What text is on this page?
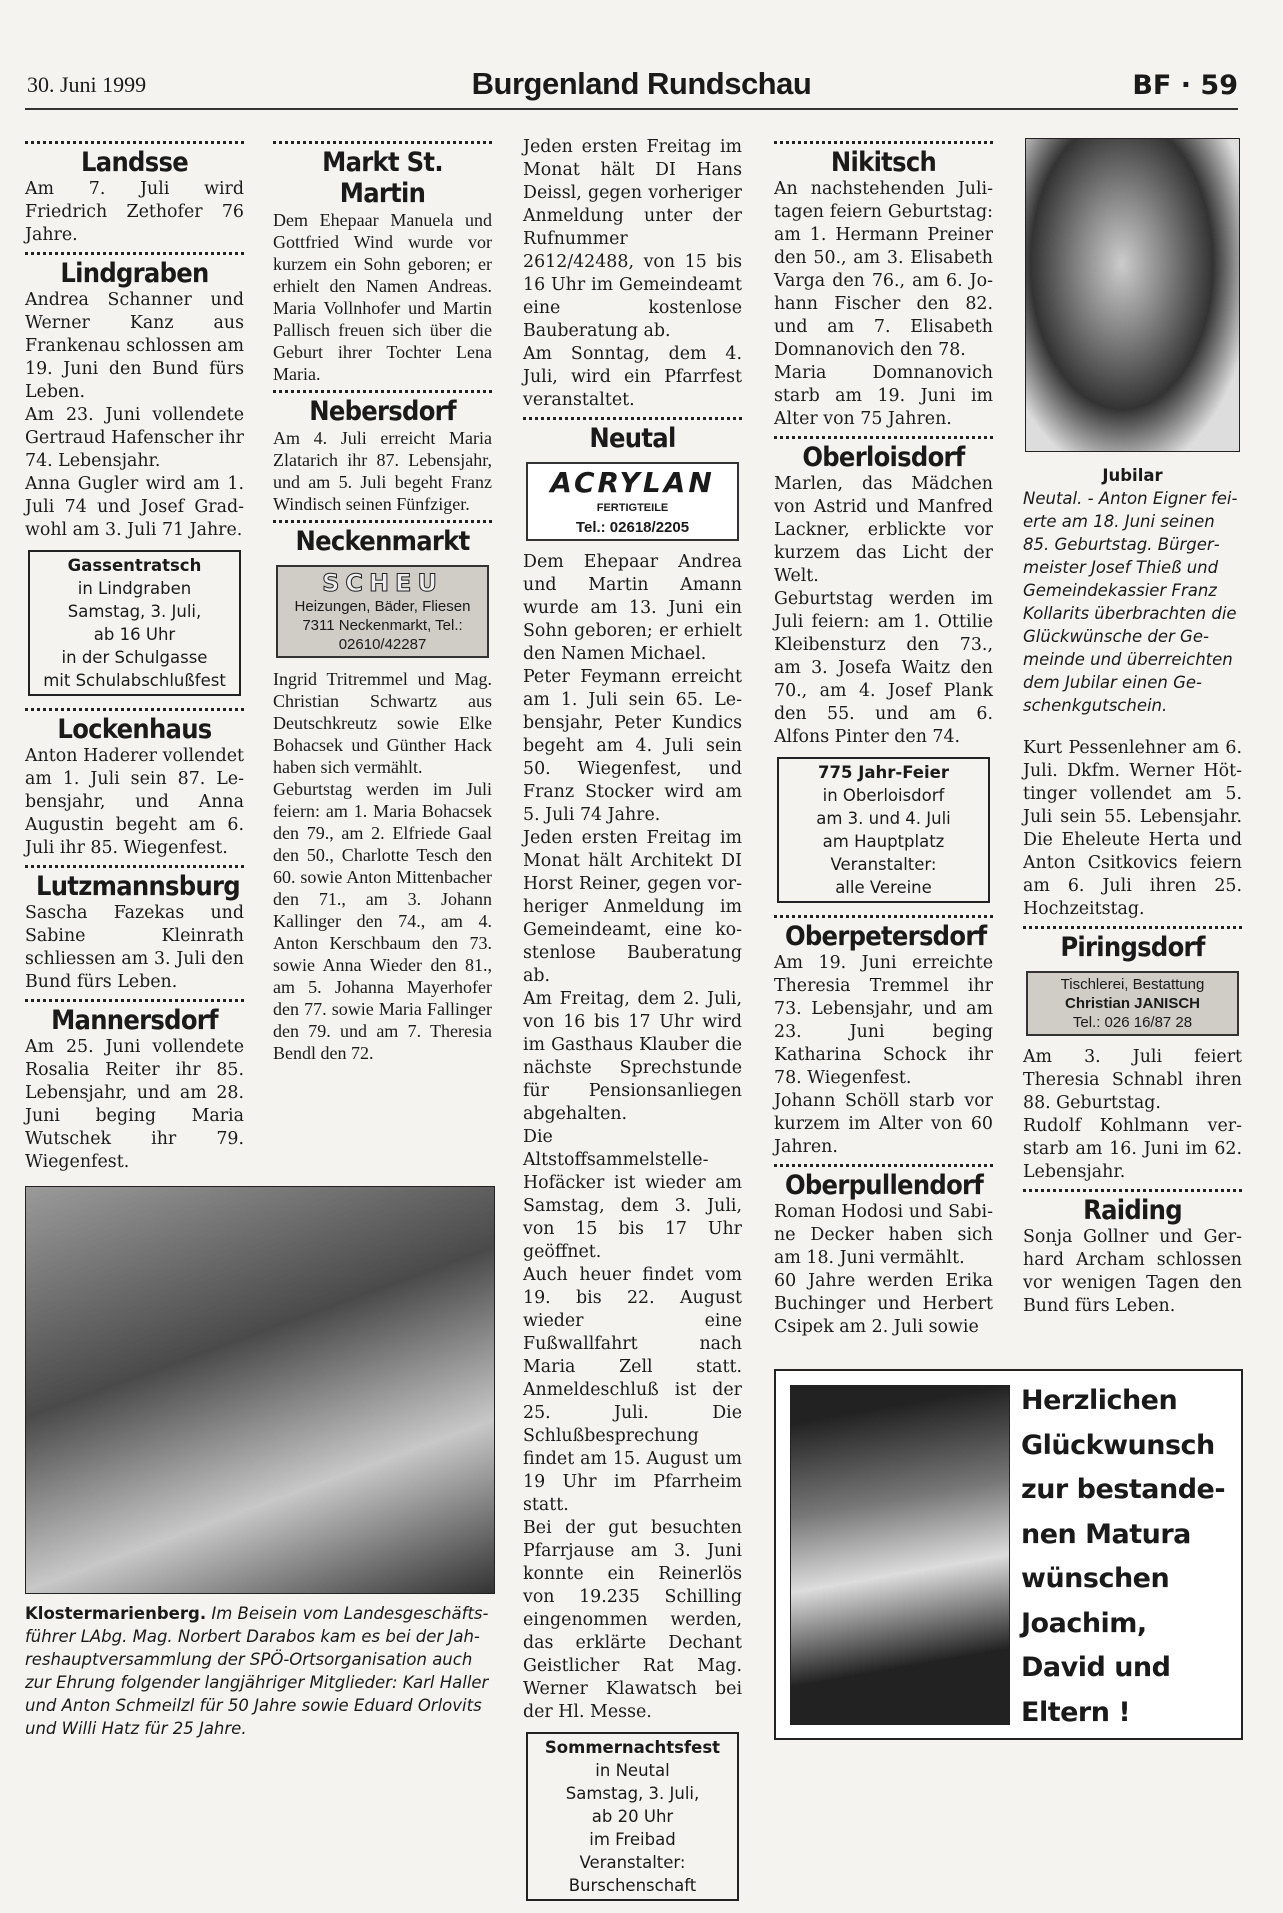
30. Juni 1999	Burgenland Rundschau	BF · 59
Landsse

Am 7. Juli wird Friedrich Zethofer 76 Jahre.

Lindgraben

Andrea Schanner und Werner Kanz aus Frankenau schlossen am 19. Juni den Bund fürs Leben.

Am 23. Juni vollendete Gertraud Hafenscher ihr 74. Lebensjahr.

Anna Gugler wird am 1. Juli 74 und Josef Gradwohl am 3. Juli 71 Jahre.

Gassentratsch
in Lindgraben
Samstag, 3. Juli,
ab 16 Uhr
in der Schulgasse
mit Schulabschlußfest
Lockenhaus

Anton Haderer vollendet am 1. Juli sein 87. Lebensjahr, und Anna Augustin begeht am 6. Juli ihr 85. Wiegenfest.

Lutzmannsburg

Sascha Fazekas und Sabine Kleinrath schliessen am 3. Juli den Bund fürs Leben.

Mannersdorf

Am 25. Juni vollendete Rosalia Reiter ihr 85. Lebensjahr, und am 28. Juni beging Maria Wutschek ihr 79. Wiegenfest.

Markt St. Martin

Dem Ehepaar Manuela und Gottfried Wind wurde vor kurzem ein Sohn geboren; er erhielt den Namen Andreas. Maria Vollnhofer und Martin Pallisch freuen sich über die Geburt ihrer Tochter Lena Maria.

Nebersdorf

Am 4. Juli erreicht Maria Zlatarich ihr 87. Lebensjahr, und am 5. Juli begeht Franz Windisch seinen Fünfziger.

Neckenmarkt
SCHEU
Heizungen, Bäder, Fliesen
7311 Neckenmarkt, Tel.: 02610/42287

Ingrid Tritremmel und Mag. Christian Schwartz aus Deutschkreutz sowie Elke Bohacsek und Günther Hack haben sich vermählt.

Geburtstag werden im Juli feiern: am 1. Maria Bohacsek den 79., am 2. Elfriede Gaal den 50., Charlotte Tesch den 60. sowie Anton Mittenbacher den 71., am 3. Johann Kallinger den 74., am 4. Anton Kerschbaum den 73. sowie Anna Wieder den 81., am 5. Johanna Mayerhofer den 77. sowie Maria Fallinger den 79. und am 7. Theresia Bendl den 72.

Jeden ersten Freitag im Monat hält DI Hans Deissl, gegen vorheriger Anmeldung unter der Rufnummer 2612/42488, von 15 bis 16 Uhr im Gemeindeamt eine kostenlose Bauberatung ab.

Am Sonntag, dem 4. Juli, wird ein Pfarrfest veranstaltet.

Neutal
ACRYLAN
FERTIGTEILE
Tel.: 02618/2205

Dem Ehepaar Andrea und Martin Amann wurde am 13. Juni ein Sohn geboren; er erhielt den Namen Michael.

Peter Feymann erreicht am 1. Juli sein 65. Lebensjahr, Peter Kundics begeht am 4. Juli sein 50. Wiegenfest, und Franz Stocker wird am 5. Juli 74 Jahre.

Jeden ersten Freitag im Monat hält Architekt DI Horst Reiner, gegen vorheriger Anmeldung im Gemeindeamt, eine kostenlose Bauberatung ab.

Am Freitag, dem 2. Juli, von 16 bis 17 Uhr wird im Gasthaus Klauber die nächste Sprechstunde für Pensionsanliegen abgehalten.

Die AltstoffsammelstelleHofäcker ist wieder am Samstag, dem 3. Juli, von 15 bis 17 Uhr geöffnet.

Auch heuer findet vom 19. bis 22. August wieder eine Fußwallfahrt nach Maria Zell statt. Anmeldeschluß ist der 25. Juli. Die Schlußbesprechung findet am 15. August um 19 Uhr im Pfarrheim statt.

Bei der gut besuchten Pfarrjause am 3. Juni konnte ein Reinerlös von 19.235 Schilling eingenommen werden, das erklärte Dechant Geistlicher Rat Mag. Werner Klawatsch bei der Hl. Messe.

Sommernachtsfest
in Neutal
Samstag, 3. Juli,
ab 20 Uhr
im Freibad
Veranstalter:
Burschenschaft
Nikitsch

An nachstehenden Julitagen feiern Geburtstag: am 1. Hermann Preiner den 50., am 3. Elisabeth Varga den 76., am 6. Johann Fischer den 82. und am 7. Elisabeth Domnanovich den 78.

Maria Domnanovich starb am 19. Juni im Alter von 75 Jahren.

Oberloisdorf

Marlen, das Mädchen von Astrid und Manfred Lackner, erblickte vor kurzem das Licht der Welt.

Geburtstag werden im Juli feiern: am 1. Ottilie Kleibensturz den 73., am 3. Josefa Waitz den 70., am 4. Josef Plank den 55. und am 6. Alfons Pinter den 74.

775 Jahr-Feier
in Oberloisdorf
am 3. und 4. Juli
am Hauptplatz
Veranstalter:
alle Vereine
Oberpetersdorf

Am 19. Juni erreichte Theresia Tremmel ihr 73. Lebensjahr, und am 23. Juni beging Katharina Schock ihr 78. Wiegenfest.

Johann Schöll starb vor kurzem im Alter von 60 Jahren.

Oberpullendorf

Roman Hodosi und Sabine Decker haben sich am 18. Juni vermählt.

60 Jahre werden Erika Buchinger und Herbert Csipek am 2. Juli sowie

Jubilar
Neutal. - Anton Eigner feierte am 18. Juni seinen 85. Geburtstag. Bürgermeister Josef Thieß und Gemeindekassier Franz Kollarits überbrachten die Glückwünsche der Gemeinde und überreichten dem Jubilar einen Geschenkgutschein.

Kurt Pessenlehner am 6. Juli. Dkfm. Werner Höttinger vollendet am 5. Juli sein 55. Lebensjahr. Die Eheleute Herta und Anton Csitkovics feiern am 6. Juli ihren 25. Hochzeitstag.

Piringsdorf
Tischlerei, Bestattung
Christian JANISCH
Tel.: 026 16/87 28

Am 3. Juli feiert Theresia Schnabl ihren 88. Geburtstag.

Rudolf Kohlmann verstarb am 16. Juni im 62. Lebensjahr.

Raiding

Sonja Gollner und Gerhard Archam schlossen vor wenigen Tagen den Bund fürs Leben.

Klostermarienberg. Im Beisein vom Landesgeschäftsführer LAbg. Mag. Norbert Darabos kam es bei der Jahreshauptversammlung der SPÖ-Ortsorganisation auch zur Ehrung folgender langjähriger Mitglieder: Karl Haller und Anton Schmeilzl für 50 Jahre sowie Eduard Orlovits und Willi Hatz für 25 Jahre.
Herzlichen Glückwunsch zur bestandenen Matura wünschen Joachim, David und Eltern !
